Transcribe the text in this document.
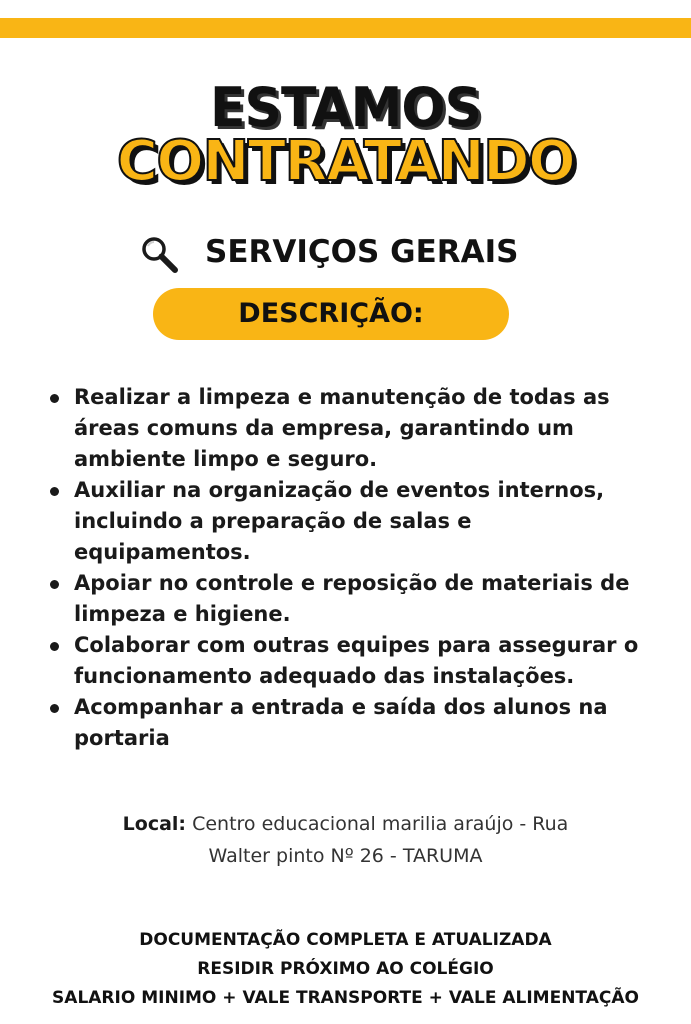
ESTAMOS
CONTRATANDO
SERVIÇOS GERAIS
DESCRIÇÃO:
Realizar a limpeza e manutenção de todas as áreas comuns da empresa, garantindo um ambiente limpo e seguro.
Auxiliar na organização de eventos internos, incluindo a preparação de salas e equipamentos.
Apoiar no controle e reposição de materiais de limpeza e higiene.
Colaborar com outras equipes para assegurar o funcionamento adequado das instalações.
Acompanhar a entrada e saída dos alunos na portaria
Local: Centro educacional marilia araújo - Rua
Walter pinto Nº 26 - TARUMA
DOCUMENTAÇÃO COMPLETA E ATUALIZADA
RESIDIR PRÓXIMO AO COLÉGIO
SALARIO MINIMO + VALE TRANSPORTE + VALE ALIMENTAÇÃO
